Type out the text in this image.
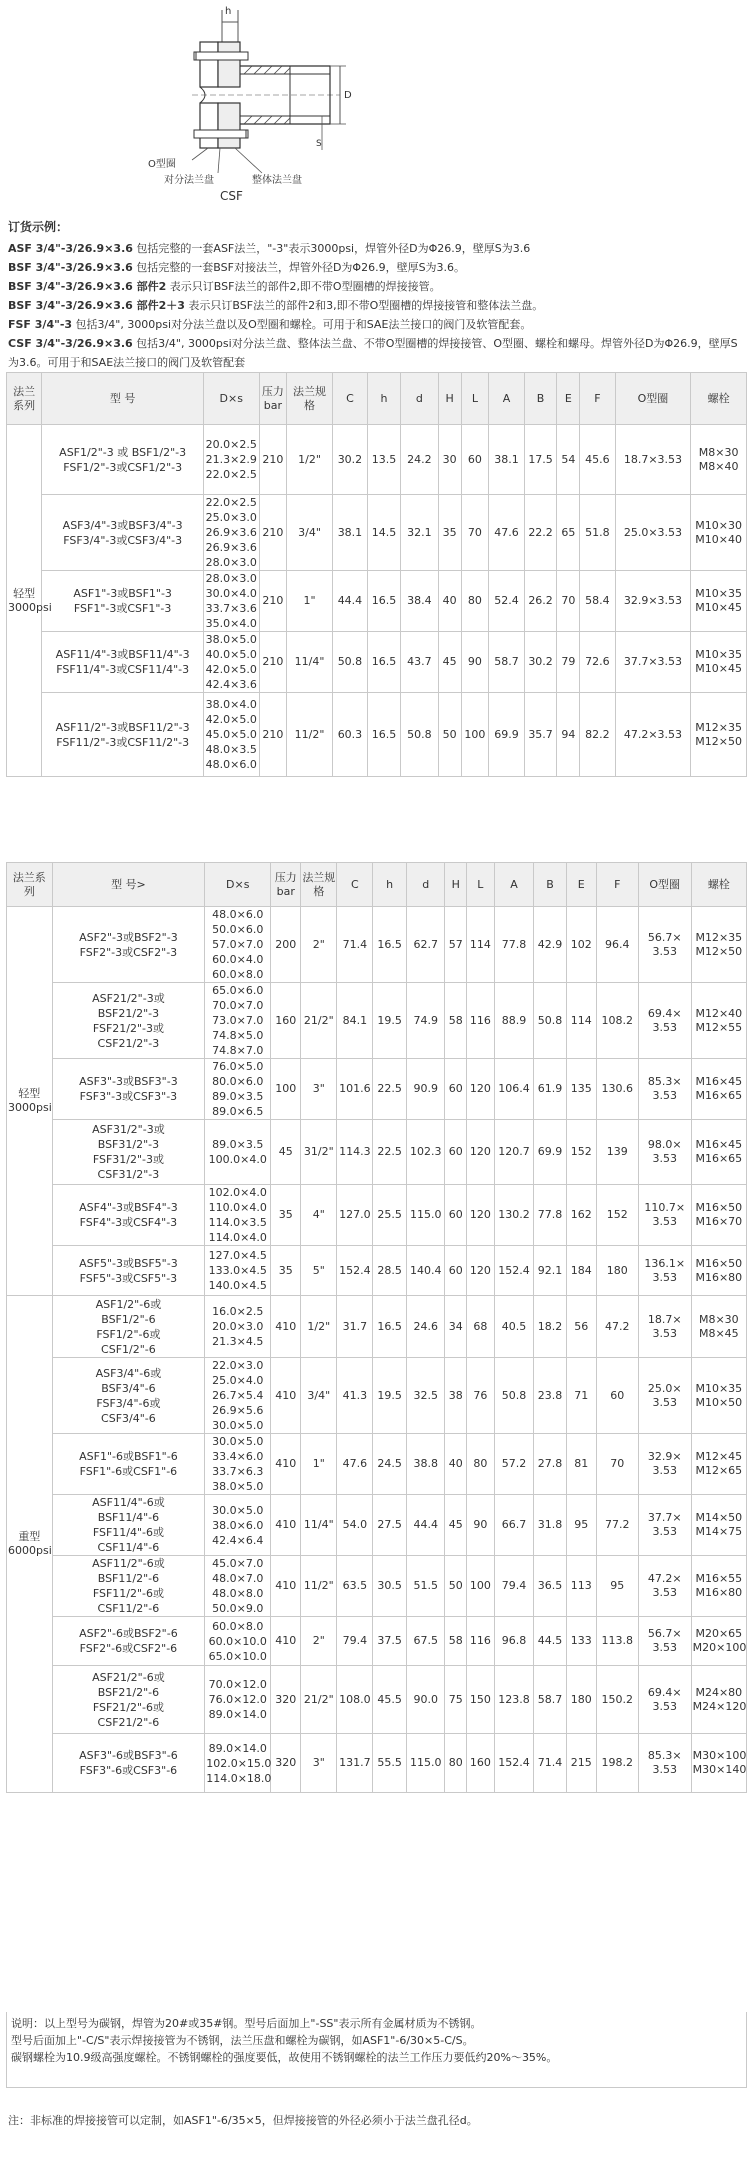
h
D
S
O型圈
对分法兰盘	整体法兰盘
CSF
订货示例：
ASF 3/4"-3/26.9×3.6 包括完整的一套ASF法兰，"-3"表示3000psi，焊管外径D为Φ26.9，壁厚S为3.6
BSF 3/4"-3/26.9×3.6 包括完整的一套BSF对接法兰，焊管外径D为Φ26.9，壁厚S为3.6。
BSF 3/4"-3/26.9×3.6 部件2 表示只订BSF法兰的部件2,即不带O型圈槽的焊接接管。
BSF 3/4"-3/26.9×3.6 部件2＋3 表示只订BSF法兰的部件2和3,即不带O型圈槽的焊接接管和整体法兰盘。
FSF 3/4"-3 包括3/4", 3000psi对分法兰盘以及O型圈和螺栓。可用于和SAE法兰接口的阀门及软管配套。
CSF 3/4"-3/26.9×3.6 包括3/4", 3000psi对分法兰盘、整体法兰盘、不带O型圈槽的焊接接管、O型圈、螺栓和螺母。焊管外径D为Φ26.9，壁厚S为3.6。可用于和SAE法兰接口的阀门及软管配套
法兰系列	型 号	D×s	压力bar	法兰规格	C	h	d	H	L	A	B	E	F	O型圈	螺栓
轻型3000psi	ASF1/2"-3 或 BSF1/2"-3
FSF1/2"-3或CSF1/2"-3	20.0×2.5
21.3×2.9
22.0×2.5	210	1/2"	30.2	13.5	24.2	30	60	38.1	17.5	54	45.6	18.7×3.53	M8×30
M8×40
	ASF3/4"-3或BSF3/4"-3
FSF3/4"-3或CSF3/4"-3	22.0×2.5
25.0×3.0
26.9×3.6
26.9×3.6
28.0×3.0	210	3/4"	38.1	14.5	32.1	35	70	47.6	22.2	65	51.8	25.0×3.53	M10×30
M10×40
	ASF1"-3或BSF1"-3
FSF1"-3或CSF1"-3	28.0×3.0
30.0×4.0
33.7×3.6
35.0×4.0	210	1"	44.4	16.5	38.4	40	80	52.4	26.2	70	58.4	32.9×3.53	M10×35
M10×45
	ASF11/4"-3或BSF11/4"-3
FSF11/4"-3或CSF11/4"-3	38.0×5.0
40.0×5.0
42.0×5.0
42.4×3.6	210	11/4"	50.8	16.5	43.7	45	90	58.7	30.2	79	72.6	37.7×3.53	M10×35
M10×45
	ASF11/2"-3或BSF11/2"-3
FSF11/2"-3或CSF11/2"-3	38.0×4.0
42.0×5.0
45.0×5.0
48.0×3.5
48.0×6.0	210	11/2"	60.3	16.5	50.8	50	100	69.9	35.7	94	82.2	47.2×3.53	M12×35
M12×50
法兰系列	型 号>	D×s	压力bar	法兰规格	C	h	d	H	L	A	B	E	F	O型圈	螺栓
轻型3000psi	ASF2"-3或BSF2"-3
FSF2"-3或CSF2"-3	48.0×6.0
50.0×6.0
57.0×7.0
60.0×4.0
60.0×8.0	200	2"	71.4	16.5	62.7	57	114	77.8	42.9	102	96.4	56.7×
3.53	M12×35
M12×50
	ASF21/2"-3或
BSF21/2"-3
FSF21/2"-3或
CSF21/2"-3	65.0×6.0
70.0×7.0
73.0×7.0
74.8×5.0
74.8×7.0	160	21/2"	84.1	19.5	74.9	58	116	88.9	50.8	114	108.2	69.4×
3.53	M12×40
M12×55
	ASF3"-3或BSF3"-3
FSF3"-3或CSF3"-3	76.0×5.0
80.0×6.0
89.0×3.5
89.0×6.5	100	3"	101.6	22.5	90.9	60	120	106.4	61.9	135	130.6	85.3×
3.53	M16×45
M16×65
	ASF31/2"-3或
BSF31/2"-3
FSF31/2"-3或
CSF31/2"-3	89.0×3.5
100.0×4.0	45	31/2"	114.3	22.5	102.3	60	120	120.7	69.9	152	139	98.0×
3.53	M16×45
M16×65
	ASF4"-3或BSF4"-3
FSF4"-3或CSF4"-3	102.0×4.0
110.0×4.0
114.0×3.5
114.0×4.0	35	4"	127.0	25.5	115.0	60	120	130.2	77.8	162	152	110.7×
3.53	M16×50
M16×70
	ASF5"-3或BSF5"-3
FSF5"-3或CSF5"-3	127.0×4.5
133.0×4.5
140.0×4.5	35	5"	152.4	28.5	140.4	60	120	152.4	92.1	184	180	136.1×
3.53	M16×50
M16×80
重型6000psi	ASF1/2"-6或
BSF1/2"-6
FSF1/2"-6或
CSF1/2"-6	16.0×2.5
20.0×3.0
21.3×4.5	410	1/2"	31.7	16.5	24.6	34	68	40.5	18.2	56	47.2	18.7×
3.53	M8×30
M8×45
	ASF3/4"-6或
BSF3/4"-6
FSF3/4"-6或
CSF3/4"-6	22.0×3.0
25.0×4.0
26.7×5.4
26.9×5.6
30.0×5.0	410	3/4"	41.3	19.5	32.5	38	76	50.8	23.8	71	60	25.0×
3.53	M10×35
M10×50
	ASF1"-6或BSF1"-6
FSF1"-6或CSF1"-6	30.0×5.0
33.4×6.0
33.7×6.3
38.0×5.0	410	1"	47.6	24.5	38.8	40	80	57.2	27.8	81	70	32.9×
3.53	M12×45
M12×65
	ASF11/4"-6或
BSF11/4"-6
FSF11/4"-6或
CSF11/4"-6	30.0×5.0
38.0×6.0
42.4×6.4	410	11/4"	54.0	27.5	44.4	45	90	66.7	31.8	95	77.2	37.7×
3.53	M14×50
M14×75
	ASF11/2"-6或
BSF11/2"-6
FSF11/2"-6或
CSF11/2"-6	45.0×7.0
48.0×7.0
48.0×8.0
50.0×9.0	410	11/2"	63.5	30.5	51.5	50	100	79.4	36.5	113	95	47.2×
3.53	M16×55
M16×80
	ASF2"-6或BSF2"-6
FSF2"-6或CSF2"-6	60.0×8.0
60.0×10.0
65.0×10.0	410	2"	79.4	37.5	67.5	58	116	96.8	44.5	133	113.8	56.7×
3.53	M20×65
M20×100
	ASF21/2"-6或
BSF21/2"-6
FSF21/2"-6或
CSF21/2"-6	70.0×12.0
76.0×12.0
89.0×14.0	320	21/2"	108.0	45.5	90.0	75	150	123.8	58.7	180	150.2	69.4×
3.53	M24×80
M24×120
	ASF3"-6或BSF3"-6
FSF3"-6或CSF3"-6	89.0×14.0
102.0×15.0
114.0×18.0	320	3"	131.7	55.5	115.0	80	160	152.4	71.4	215	198.2	85.3×
3.53	M30×100
M30×140
说明：以上型号为碳钢，焊管为20#或35#钢。型号后面加上"-SS"表示所有金属材质为不锈钢。
型号后面加上"-C/S"表示焊接接管为不锈钢，法兰压盘和螺栓为碳钢，如ASF1"-6/30×5-C/S。
碳钢螺栓为10.9级高强度螺栓。不锈钢螺栓的强度要低，故使用不锈钢螺栓的法兰工作压力要低约20%～35%。
注：非标准的焊接接管可以定制，如ASF1"-6/35×5，但焊接接管的外径必须小于法兰盘孔径d。
